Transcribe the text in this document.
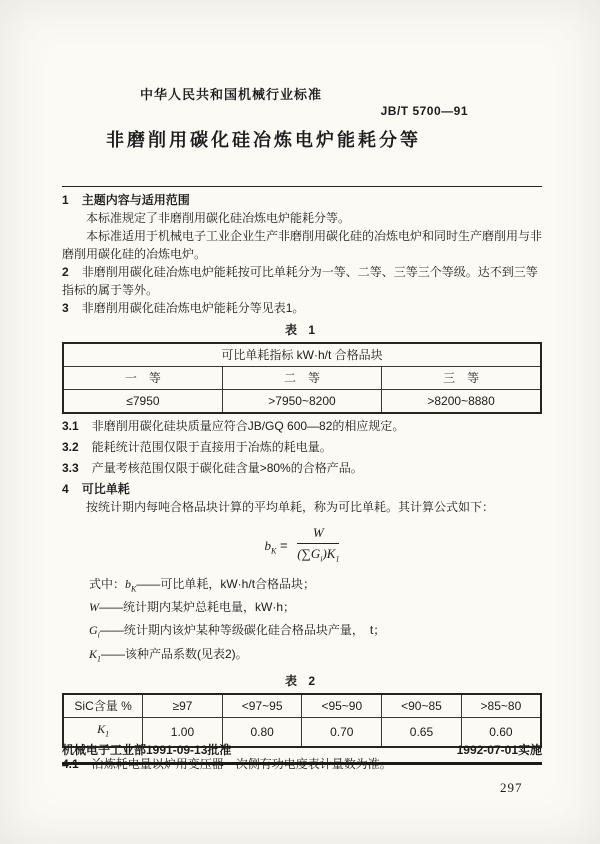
中华人民共和国机械行业标准
JB/T 5700—91
非磨削用碳化硅冶炼电炉能耗分等

1 主题内容与适用范围

本标准规定了非磨削用碳化硅冶炼电炉能耗分等。

本标准适用于机械电子工业企业生产非磨削用碳化硅的冶炼电炉和同时生产磨削用与非磨削用碳化硅的冶炼电炉。

2 非磨削用碳化硅冶炼电炉能耗按可比单耗分为一等、二等、三等三个等级。达不到三等指标的属于等外。

3 非磨削用碳化硅冶炼电炉能耗分等见表1。

表 1

可比单耗指标 kW·h/t 合格品块		
一　等	二　等	三　等
≤7950	>7950~8200	>8200~8880

3.1 非磨削用碳化硅块质量应符合JB/GQ 600—82的相应规定。

3.2 能耗统计范围仅限于直接用于冶炼的耗电量。

3.3 产量考核范围仅限于碳化硅含量>80%的合格产品。

4 可比单耗

按统计期内每吨合格品块计算的平均单耗，称为可比单耗。其计算公式如下：

$b_K = \frac{W}{(\sum G_i)K_1}$

式中：$b_K——$可比单耗，kW·h/t合格品块；

W——统计期内某炉总耗电量，kW·h；

$G_i——$统计期内该炉某种等级碳化硅合格品块产量，　t；

$K_1——$该种产品系数(见表2)。

表 2

SiC含量 %	≥97	<97~95	<95~90	<90~85	>85~80
$K_1$	1.00	0.80	0.70	0.65	0.60

机械电子工业部1991-09-13批准	1992-07-01实施
297
